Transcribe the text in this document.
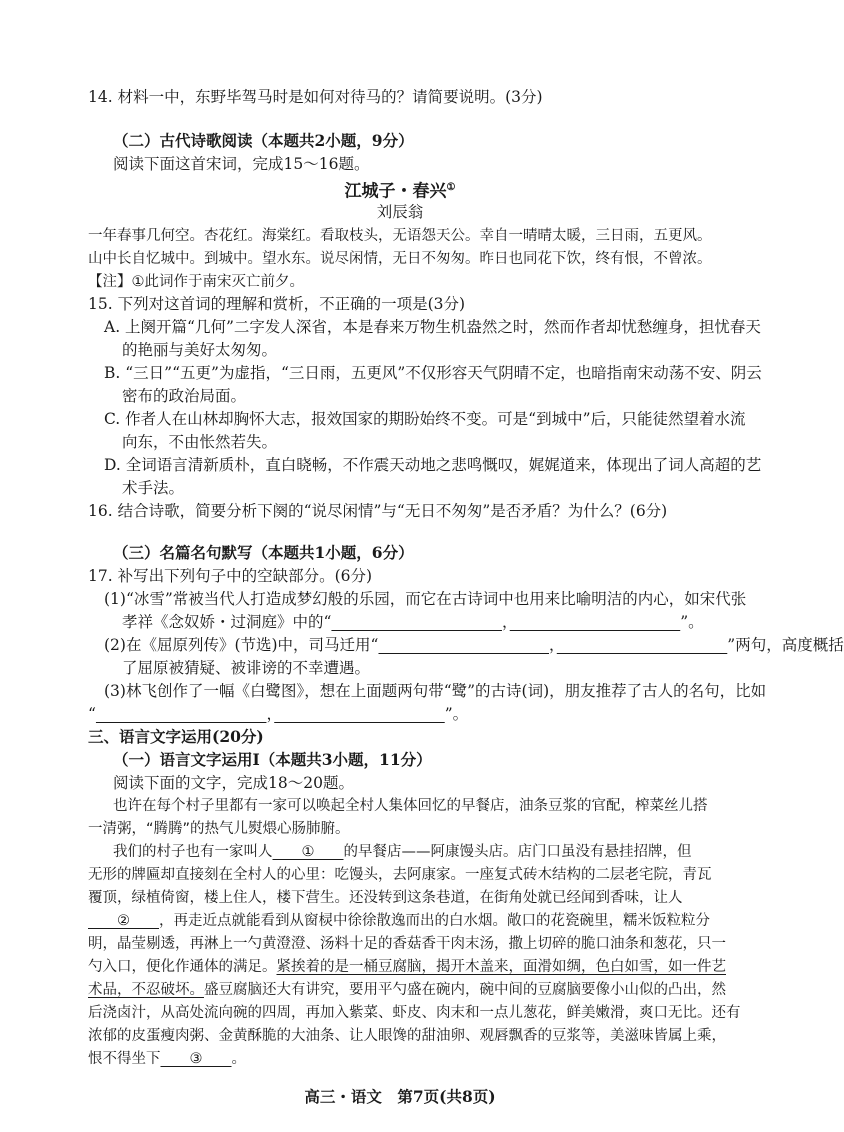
14. 材料一中，东野毕驾马时是如何对待马的？请简要说明。(3分)
（二）古代诗歌阅读（本题共2小题，9分）
阅读下面这首宋词，完成15～16题。
江城子・春兴①
刘辰翁
一年春事几何空。杏花红。海棠红。看取枝头，无语怨天公。幸自一晴晴太暖，三日雨，五更风。
山中长自忆城中。到城中。望水东。说尽闲情，无日不匆匆。昨日也同花下饮，终有恨，不曾浓。
【注】①此词作于南宋灭亡前夕。
15. 下列对这首词的理解和赏析，不正确的一项是(3分)
A. 上阕开篇“几何”二字发人深省，本是春来万物生机盎然之时，然而作者却忧愁缠身，担忧春天
的艳丽与美好太匆匆。
B. “三日”“五更”为虚指，“三日雨，五更风”不仅形容天气阴晴不定，也暗指南宋动荡不安、阴云
密布的政治局面。
C. 作者人在山林却胸怀大志，报效国家的期盼始终不变。可是“到城中”后，只能徒然望着水流
向东，不由怅然若失。
D. 全词语言清新质朴，直白晓畅，不作震天动地之悲鸣慨叹，娓娓道来，体现出了词人高超的艺
术手法。
16. 结合诗歌，简要分析下阕的“说尽闲情”与“无日不匆匆”是否矛盾？为什么？(6分)
（三）名篇名句默写（本题共1小题，6分）
17. 补写出下列句子中的空缺部分。(6分)
(1)“冰雪”常被当代人打造成梦幻般的乐园，而它在古诗词中也用来比喻明洁的内心，如宋代张
孝祥《念奴娇・过洞庭》中的“　　　　　　　　　　　	，　　　　　　　　　　　	”。
(2)在《屈原列传》(节选)中，司马迁用“　　　　　　　　　　　	，　　　　　　　　　　　	”两句，高度概括
了屈原被猜疑、被诽谤的不幸遭遇。
(3)林飞创作了一幅《白鹭图》，想在上面题两句带“鹭”的古诗(词)，朋友推荐了古人的名句，比如
“　　　　　　　　　　　	，　　　　　　　　　　　	”。
三、语言文字运用(20分)
（一）语言文字运用Ⅰ（本题共3小题，11分）
阅读下面的文字，完成18～20题。
也许在每个村子里都有一家可以唤起全村人集体回忆的早餐店，油条豆浆的官配，榨菜丝儿搭
一清粥，“腾腾”的热气儿熨煨心肠肺腑。
我们的村子也有一家叫人　　①　　的早餐店——阿康馒头店。店门口虽没有悬挂招牌，但
无形的牌匾却直接刻在全村人的心里：吃馒头，去阿康家。一座复式砖木结构的二层老宅院，青瓦
覆顶，绿植倚窗，楼上住人，楼下营生。还没转到这条巷道，在街角处就已经闻到香味，让人
　　②　　，再走近点就能看到从窗棂中徐徐散逸而出的白水烟。敞口的花瓷碗里，糯米饭粒粒分
明，晶莹剔透，再淋上一勺黄澄澄、汤料十足的香菇香干肉末汤，撒上切碎的脆口油条和葱花，只一
勺入口，便化作通体的满足。紧挨着的是一桶豆腐脑，揭开木盖来，面滑如绸，色白如雪，如一件艺
术品，不忍破坏。盛豆腐脑还大有讲究，要用平勺盛在碗内，碗中间的豆腐脑要像小山似的凸出，然
后浇卤汁，从高处流向碗的四周，再加入紫菜、虾皮、肉末和一点儿葱花，鲜美嫩滑，爽口无比。还有
浓郁的皮蛋瘦肉粥、金黄酥脆的大油条、让人眼馋的甜油卵、观唇飘香的豆浆等，美滋味皆属上乘，
恨不得坐下　　③　　。
高三・语文　第7页(共8页)
